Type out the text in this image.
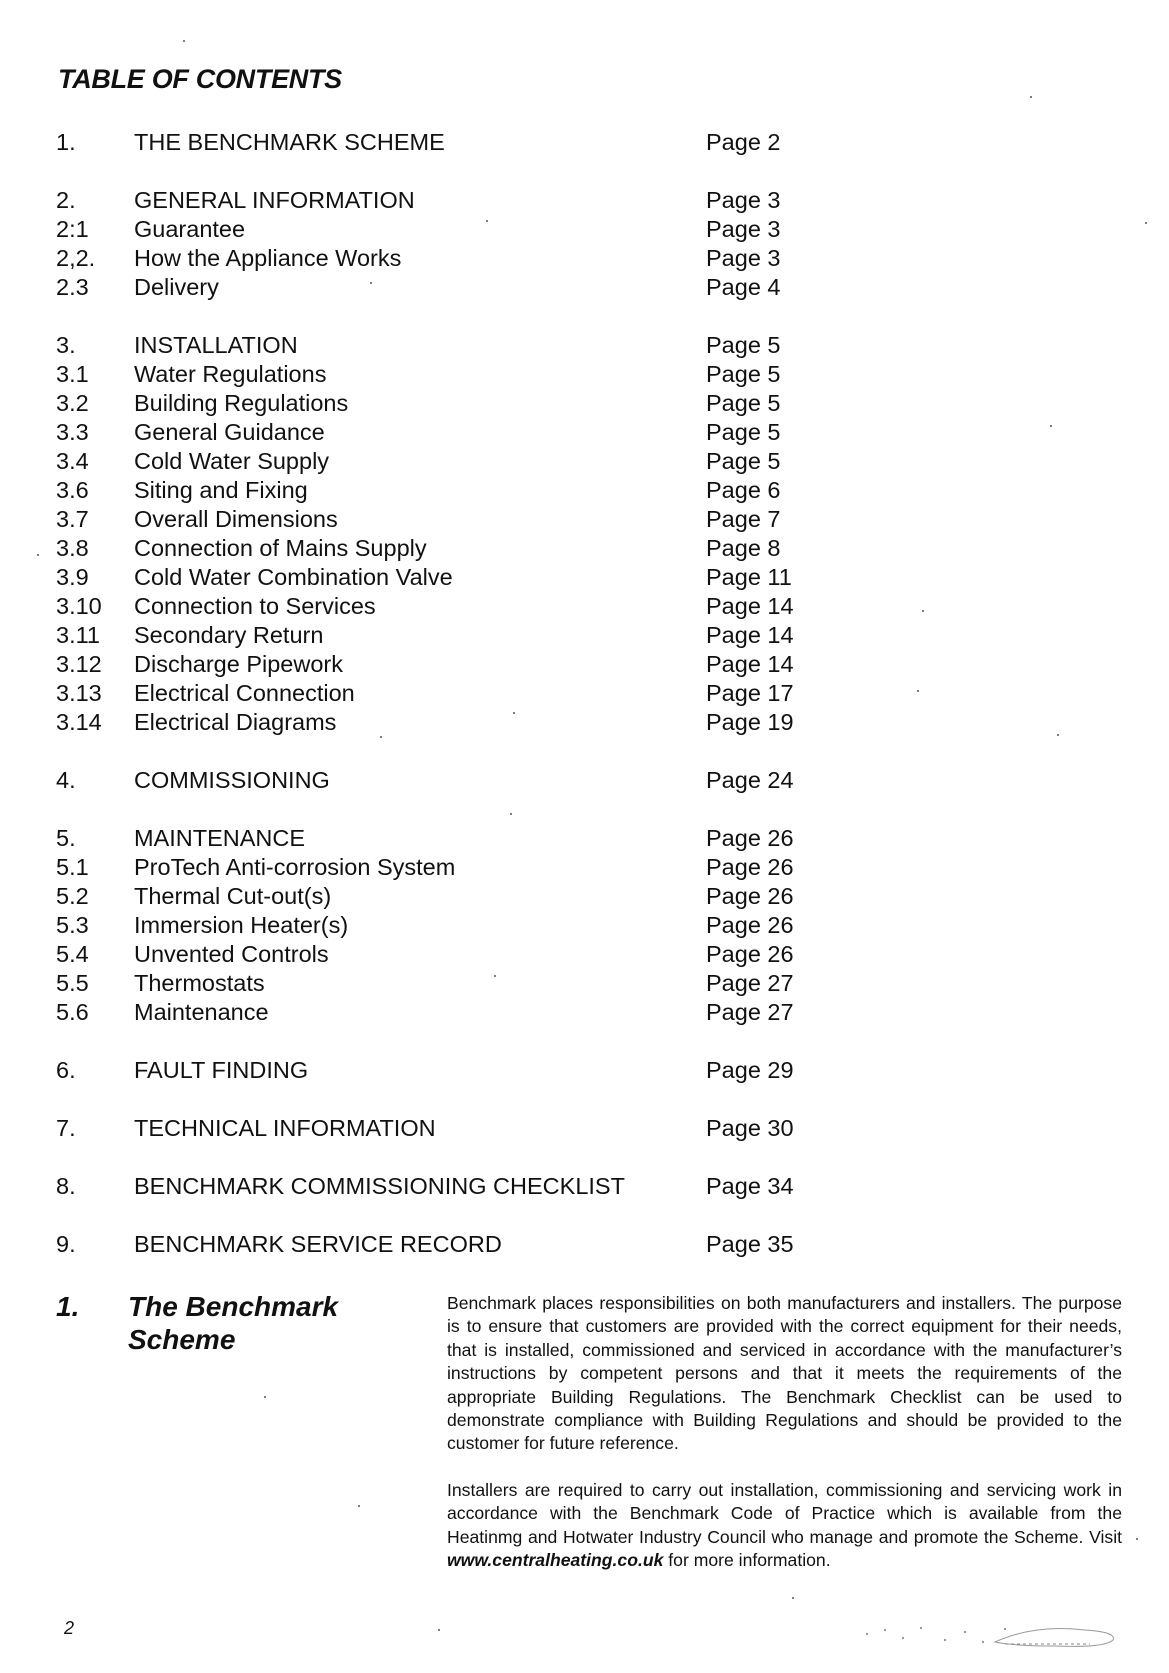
TABLE OF CONTENTS
1. THE BENCHMARK SCHEME	Page 2
2. GENERAL INFORMATION	Page 3
2:1 Guarantee	Page 3
2,2. How the Appliance Works	Page 3
2.3 Delivery	Page 4
3. INSTALLATION	Page 5
3.1 Water Regulations	Page 5
3.2 Building Regulations	Page 5
3.3 General Guidance	Page 5
3.4 Cold Water Supply	Page 5
3.6 Siting and Fixing	Page 6
3.7 Overall Dimensions	Page 7
3.8 Connection of Mains Supply	Page 8
3.9 Cold Water Combination Valve	Page 11
3.10 Connection to Services	Page 14
3.11 Secondary Return	Page 14
3.12 Discharge Pipework	Page 14
3.13 Electrical Connection	Page 17
3.14 Electrical Diagrams	Page 19
4. COMMISSIONING	Page 24
5. MAINTENANCE	Page 26
5.1 ProTech Anti-corrosion System	Page 26
5.2 Thermal Cut-out(s)	Page 26
5.3 Immersion Heater(s)	Page 26
5.4 Unvented Controls	Page 26
5.5 Thermostats	Page 27
5.6 Maintenance	Page 27
6. FAULT FINDING	Page 29
7. TECHNICAL INFORMATION	Page 30
8. BENCHMARK COMMISSIONING CHECKLIST	Page 34
9. BENCHMARK SERVICE RECORD	Page 35
1. The Benchmark
Scheme

Benchmark places responsibilities on both manufacturers and installers. The purpose is to ensure that customers are provided with the correct equipment for their needs, that is installed, commissioned and serviced in accordance with the manufacturer’s instructions by competent persons and that it meets the requirements of the appropriate Building Regulations. The Benchmark Checklist can be used to demonstrate compliance with Building Regulations and should be provided to the customer for future reference.

Installers are required to carry out installation, commissioning and servicing work in accordance with the Benchmark Code of Practice which is available from the Heatinmg and Hotwater Industry Council who manage and promote the Scheme. Visit www.centralheating.co.uk for more information.

2
